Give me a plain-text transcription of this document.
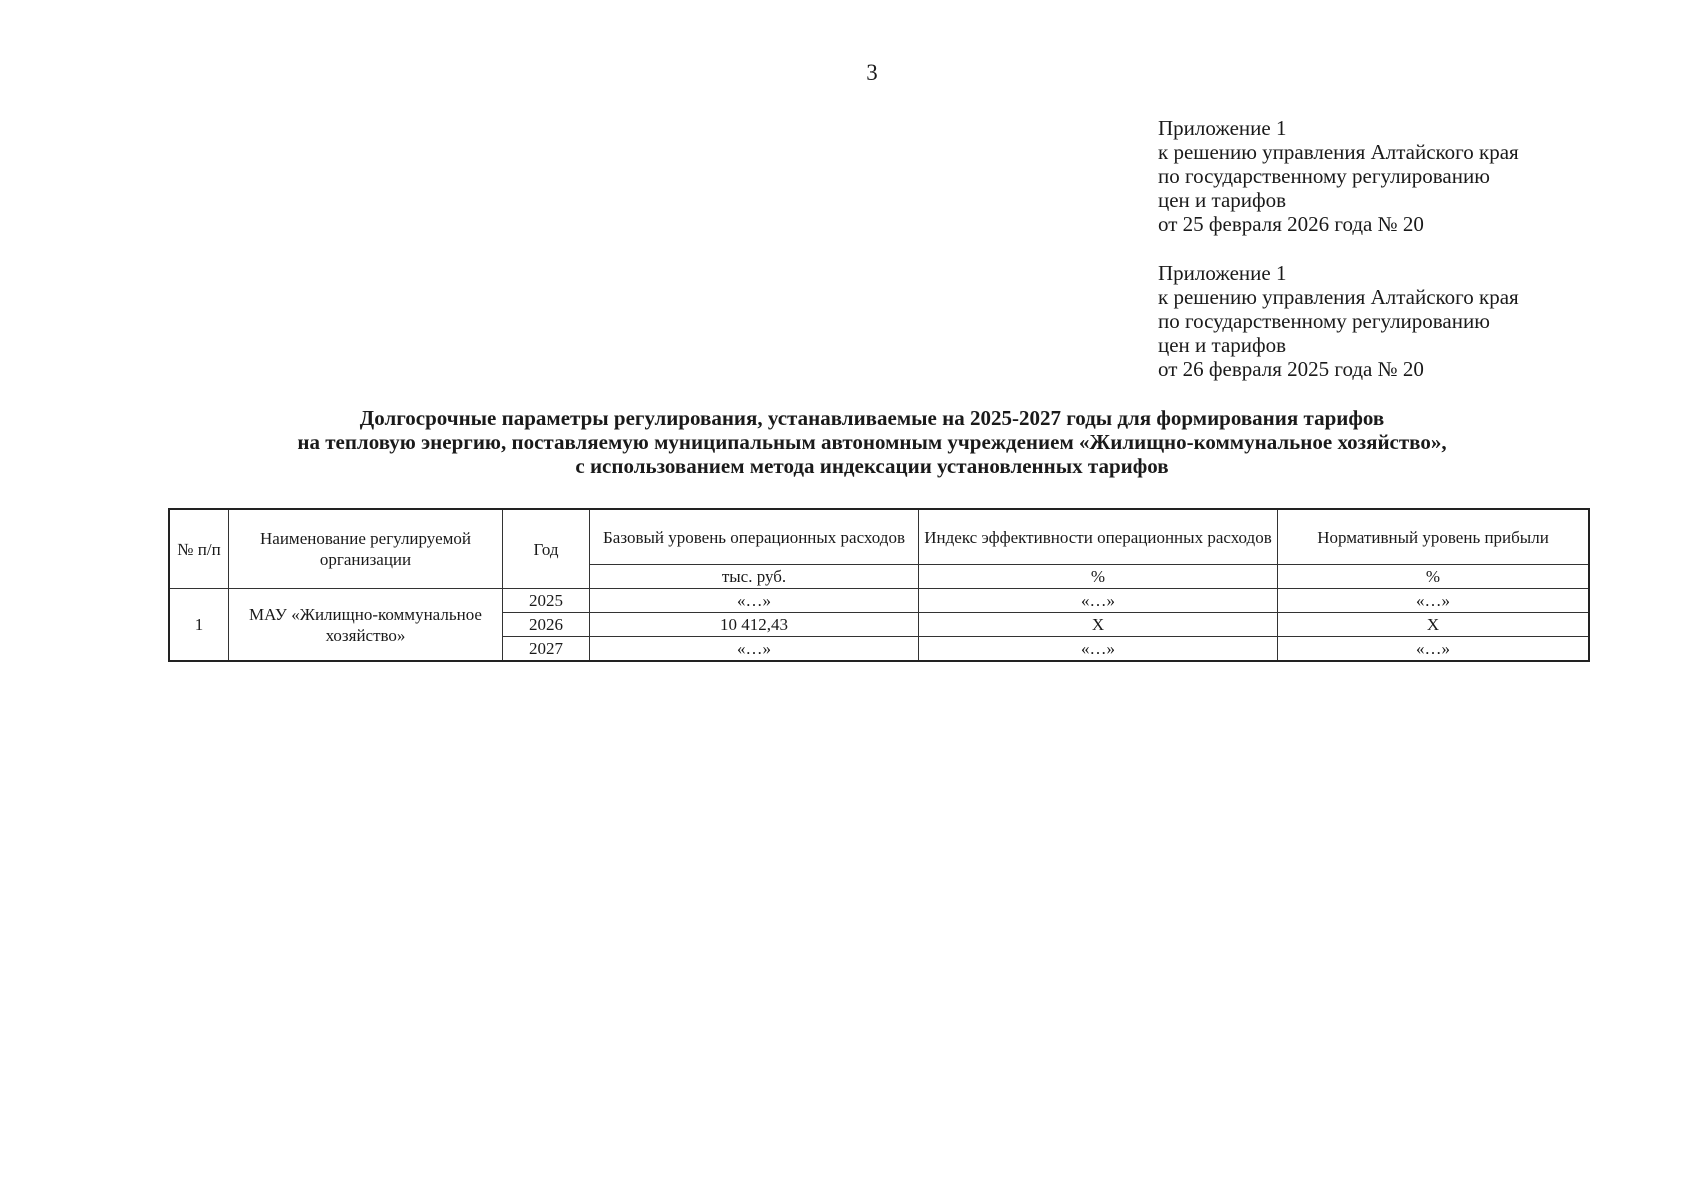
3
Приложение 1
к решению управления Алтайского края
по государственному регулированию
цен и тарифов
от 25 февраля 2026 года № 20
Приложение 1
к решению управления Алтайского края
по государственному регулированию
цен и тарифов
от 26 февраля 2025 года № 20
Долгосрочные параметры регулирования, устанавливаемые на 2025-2027 годы для формирования тарифов
на тепловую энергию, поставляемую муниципальным автономным учреждением «Жилищно-коммунальное хозяйство»,
с использованием метода индексации установленных тарифов
№ п/п	Наименование регулируемой организации	Год	Базовый уровень операционных расходов	Индекс эффективности операционных расходов	Нормативный уровень прибыли
			тыс. руб.	%	%
1	МАУ «Жилищно-коммунальное хозяйство»	2025	«…»	«…»	«…»
		2026	10 412,43	Х	Х
		2027	«…»	«…»	«…»
